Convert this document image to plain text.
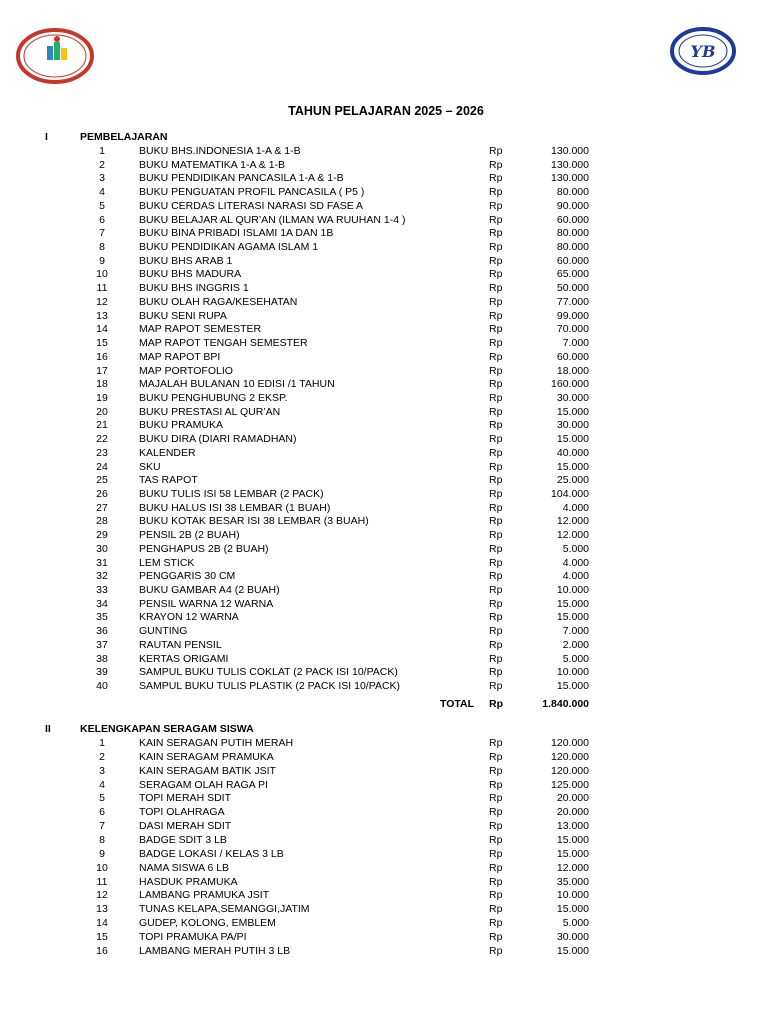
YB
TAHUN PELAJARAN 2025 – 2026
I	PEMBELAJARAN
1	BUKU BHS.INDONESIA 1-A & 1-B	Rp	130.000
2	BUKU MATEMATIKA 1-A & 1-B	Rp	130.000
3	BUKU PENDIDIKAN PANCASILA 1-A & 1-B	Rp	130.000
4	BUKU PENGUATAN PROFIL PANCASILA ( P5 )	Rp	80.000
5	BUKU CERDAS LITERASI NARASI SD FASE A	Rp	90.000
6	BUKU BELAJAR AL QUR’AN (ILMAN WA RUUHAN 1-4 )	Rp	60.000
7	BUKU BINA PRIBADI ISLAMI 1A DAN 1B	Rp	80.000
8	BUKU PENDIDIKAN AGAMA ISLAM 1	Rp	80.000
9	BUKU BHS ARAB 1	Rp	60.000
10	BUKU BHS MADURA	Rp	65.000
11	BUKU BHS INGGRIS 1	Rp	50.000
12	BUKU OLAH RAGA/KESEHATAN	Rp	77.000
13	BUKU SENI RUPA	Rp	99.000
14	MAP RAPOT SEMESTER	Rp	70.000
15	MAP RAPOT TENGAH SEMESTER	Rp	7.000
16	MAP RAPOT BPI	Rp	60.000
17	MAP PORTOFOLIO	Rp	18.000
18	MAJALAH BULANAN 10 EDISI /1 TAHUN	Rp	160.000
19	BUKU PENGHUBUNG 2 EKSP.	Rp	30.000
20	BUKU PRESTASI AL QUR’AN	Rp	15.000
21	BUKU PRAMUKA	Rp	30.000
22	BUKU DIRA (DIARI RAMADHAN)	Rp	15.000
23	KALENDER	Rp	40.000
24	SKU	Rp	15.000
25	TAS RAPOT	Rp	25.000
26	BUKU TULIS ISI 58 LEMBAR (2 PACK)	Rp	104.000
27	BUKU HALUS ISI 38 LEMBAR (1 BUAH)	Rp	4.000
28	BUKU KOTAK BESAR ISI 38 LEMBAR (3 BUAH)	Rp	12.000
29	PENSIL 2B (2 BUAH)	Rp	12.000
30	PENGHAPUS 2B (2 BUAH)	Rp	5.000
31	LEM STICK	Rp	4.000
32	PENGGARIS 30 CM	Rp	4.000
33	BUKU GAMBAR A4 (2 BUAH)	Rp	10.000
34	PENSIL WARNA 12 WARNA	Rp	15.000
35	KRAYON 12 WARNA	Rp	15.000
36	GUNTING	Rp	7.000
37	RAUTAN PENSIL	Rp	2.000
38	KERTAS ORIGAMI	Rp	5.000
39	SAMPUL BUKU TULIS COKLAT (2 PACK ISI 10/PACK)	Rp	10.000
40	SAMPUL BUKU TULIS PLASTIK (2 PACK ISI 10/PACK)	Rp	15.000
TOTAL Rp	1.840.000
II	KELENGKAPAN SERAGAM SISWA
1	KAIN SERAGAN PUTIH MERAH	Rp	120.000
2	KAIN SERAGAM PRAMUKA	Rp	120.000
3	KAIN SERAGAM BATIK JSIT	Rp	120.000
4	SERAGAM OLAH RAGA PI	Rp	125.000
5	TOPI MERAH SDIT	Rp	20.000
6	TOPI OLAHRAGA	Rp	20.000
7	DASI MERAH SDIT	Rp	13.000
8	BADGE SDIT 3 LB	Rp	15.000
9	BADGE LOKASI / KELAS 3 LB	Rp	15.000
10	NAMA SISWA 6 LB	Rp	12.000
11	HASDUK PRAMUKA	Rp	35.000
12	LAMBANG PRAMUKA JSIT	Rp	10.000
13	TUNAS KELAPA,SEMANGGI,JATIM	Rp	15.000
14	GUDEP, KOLONG, EMBLEM	Rp	5.000
15	TOPI PRAMUKA PA/PI	Rp	30.000
16	LAMBANG MERAH PUTIH 3 LB	Rp	15.000
